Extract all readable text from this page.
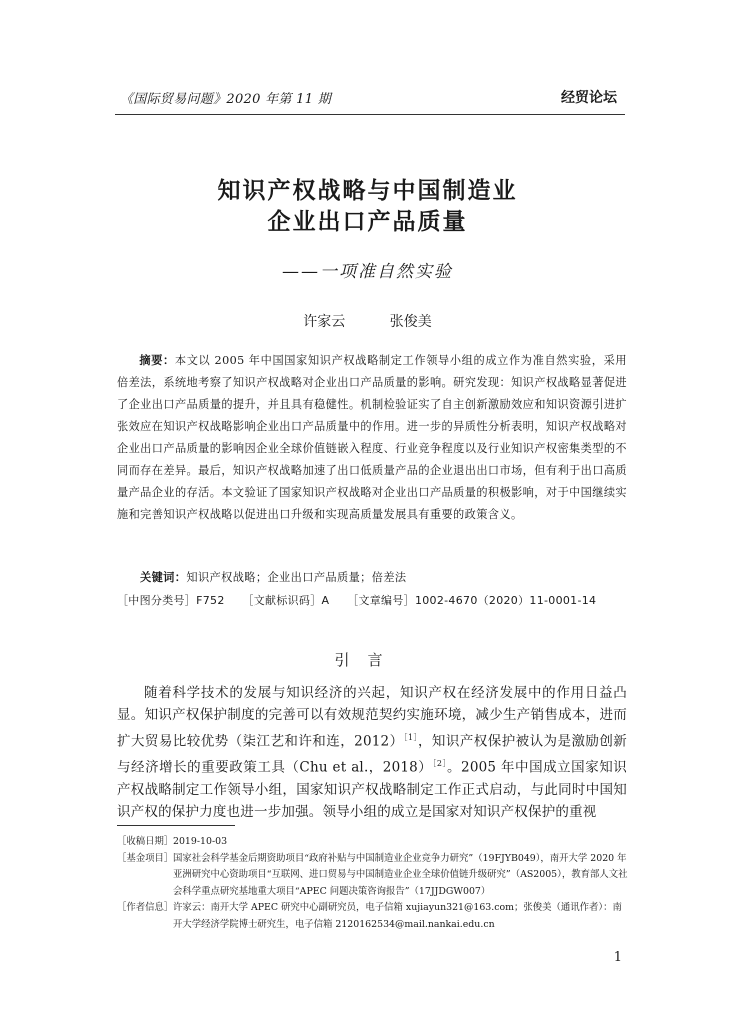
《国际贸易问题》2020 年第 11 期	经贸论坛
知识产权战略与中国制造业
企业出口产品质量
——一项准自然实验
许家云	张俊美

摘要：本文以 2005 年中国国家知识产权战略制定工作领导小组的成立作为准自然实验，采用倍差法，系统地考察了知识产权战略对企业出口产品质量的影响。研究发现：知识产权战略显著促进了企业出口产品质量的提升，并且具有稳健性。机制检验证实了自主创新激励效应和知识资源引进扩张效应在知识产权战略影响企业出口产品质量中的作用。进一步的异质性分析表明，知识产权战略对企业出口产品质量的影响因企业全球价值链嵌入程度、行业竞争程度以及行业知识产权密集类型的不同而存在差异。最后，知识产权战略加速了出口低质量产品的企业退出出口市场，但有利于出口高质量产品企业的存活。本文验证了国家知识产权战略对企业出口产品质量的积极影响，对于中国继续实施和完善知识产权战略以促进出口升级和实现高质量发展具有重要的政策含义。

关键词：知识产权战略；企业出口产品质量；倍差法
［中图分类号］F752 ［文献标识码］A ［文章编号］1002-4670（2020）11-0001-14
引言

随着科学技术的发展与知识经济的兴起，知识产权在经济发展中的作用日益凸显。知识产权保护制度的完善可以有效规范契约实施环境，减少生产销售成本，进而扩大贸易比较优势（柒江艺和许和连，2012）$^{[1]}$，知识产权保护被认为是激励创新与经济增长的重要政策工具（Chu et al.，2018）$^{[2]}$。2005 年中国成立国家知识产权战略制定工作领导小组，国家知识产权战略制定工作正式启动，与此同时中国知识产权的保护力度也进一步加强。领导小组的成立是国家对知识产权保护的重视

［收稿日期］ 2019-10-03
［基金项目］ 国家社会科学基金后期资助项目“政府补贴与中国制造业企业竞争力研究”（19FJYB049），南开大学 2020 年亚洲研究中心资助项目“互联网、进口贸易与中国制造业企业全球价值链升级研究”（AS2005），教育部人文社会科学重点研究基地重大项目“APEC 问题决策咨询报告”（17JJDGW007）
［作者信息］ 许家云：南开大学 APEC 研究中心副研究员，电子信箱 xujiayun321@163.com；张俊美（通讯作者）：南开大学经济学院博士研究生，电子信箱 2120162534@mail.nankai.edu.cn
1
